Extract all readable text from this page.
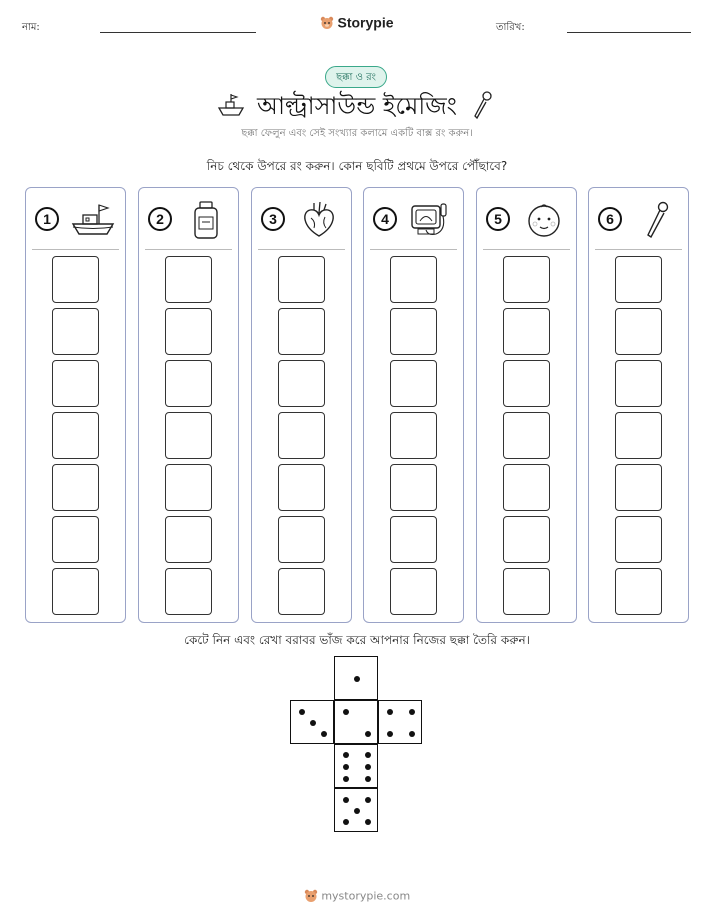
নাম:	Storypie	তারিখ:
ছক্কা ও রং
আল্ট্রাসাউন্ড ইমেজিং
ছক্কা ফেলুন এবং সেই সংখ্যার কলামে একটি বাক্স রং করুন।
নিচ থেকে উপরে রং করুন। কোন ছবিটি প্রথমে উপরে পৌঁছাবে?
1	2	3	4	5	6
কেটে নিন এবং রেখা বরাবর ভাঁজ করে আপনার নিজের ছক্কা তৈরি করুন।
mystorypie.com
